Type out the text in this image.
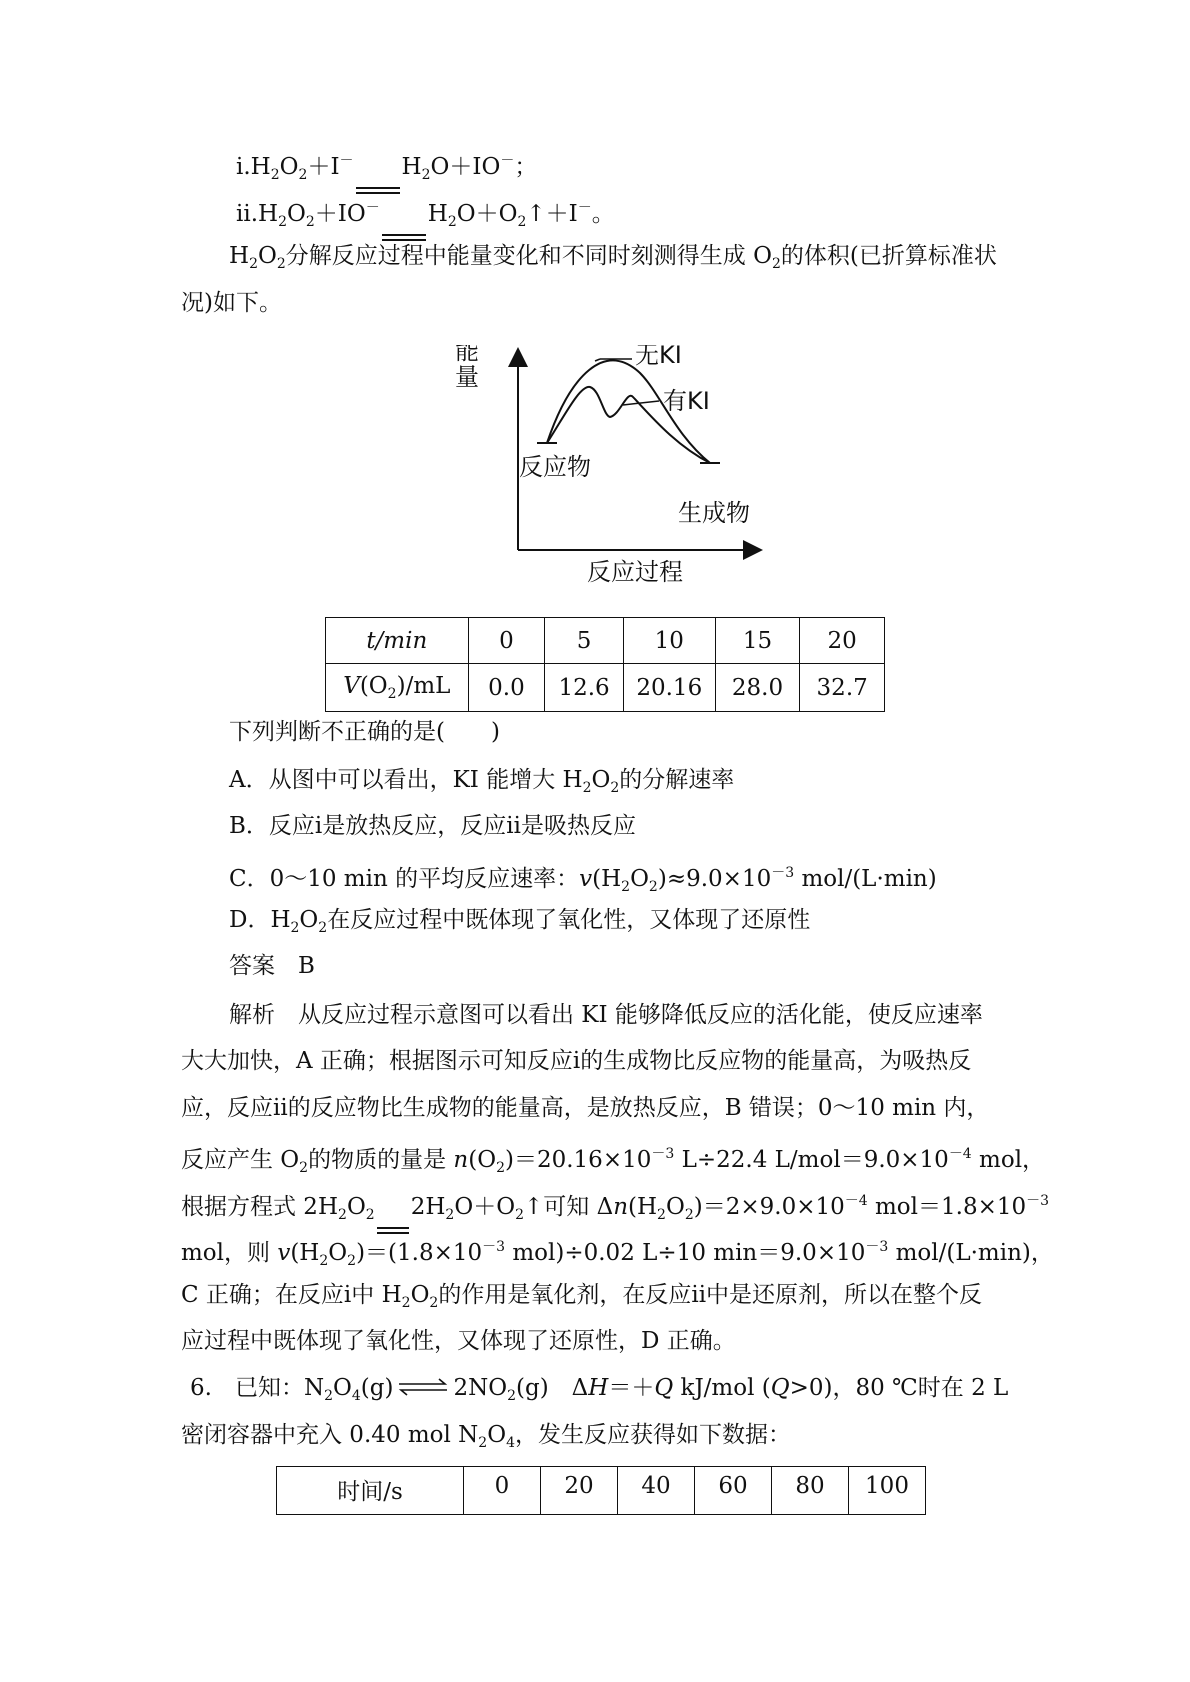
$ⅰ.H_2O_2+I^-$ $H_2O+IO^-$；
$ⅱ.H_2O_2+IO^-$ $H_2O+O_2↑+I^-$。
$H_2O_2$分解反应过程中能量变化和不同时刻测得生成 $O_2$的体积(已折算标准状
况)如下。
能
量
无KI
有KI
反应物
生成物
反应过程
t/min	0	5	10	15	20
$V(O_2)/mL$	0.0	12.6	20.16	28.0	32.7
下列判断不正确的是(　　)
A．从图中可以看出，KI 能增大 $H_2O_2$的分解速率
B．反应ⅰ是放热反应，反应ⅱ是吸热反应
C．0～10 min 的平均反应速率：$v(H_2O_2)\approx 9.0\times 10^{-3}$ mol/(L·min)
D．$H_2O_2$在反应过程中既体现了氧化性，又体现了还原性
答案　B
解析　从反应过程示意图可以看出 KI 能够降低反应的活化能，使反应速率
大大加快，A 正确；根据图示可知反应ⅰ的生成物比反应物的能量高，为吸热反
应，反应ⅱ的反应物比生成物的能量高，是放热反应，B 错误；0～10 min 内，
反应产生 $O_2$的物质的量是 $n(O_2)=20.16\times 10^{-3}$ L÷22.4 $L/mol=9.0\times 10^{-4}$ mol，
根据方程式 $2H_2O_2$ $2H_2O+O_2↑$可知 $\Delta n(H_2O_2)=2\times 9.0\times 10^{-4}$ $mol=1.8\times 10^{-3}$
mol，则 $v(H_2O_2)=(1.8\times 10^{-3}$ mol)÷0.02 L÷10 $\min=9.0\times 10^{-3}$ mol/(L·min)，
C 正确；在反应ⅰ中 $H_2O_2$的作用是氧化剂，在反应ⅱ中是还原剂，所以在整个反
应过程中既体现了氧化性，又体现了还原性，D 正确。
6.　已知：$N_2O_4(g)\rightleftharpoons 2NO_2(g)$　ΔH＝＋Q kJ/mol (Q>0)，80 ℃时在 2 L
密闭容器中充入 0.40 mol $N_2O_4$，发生反应获得如下数据：
时间/s	0	20	40	60	80	100
